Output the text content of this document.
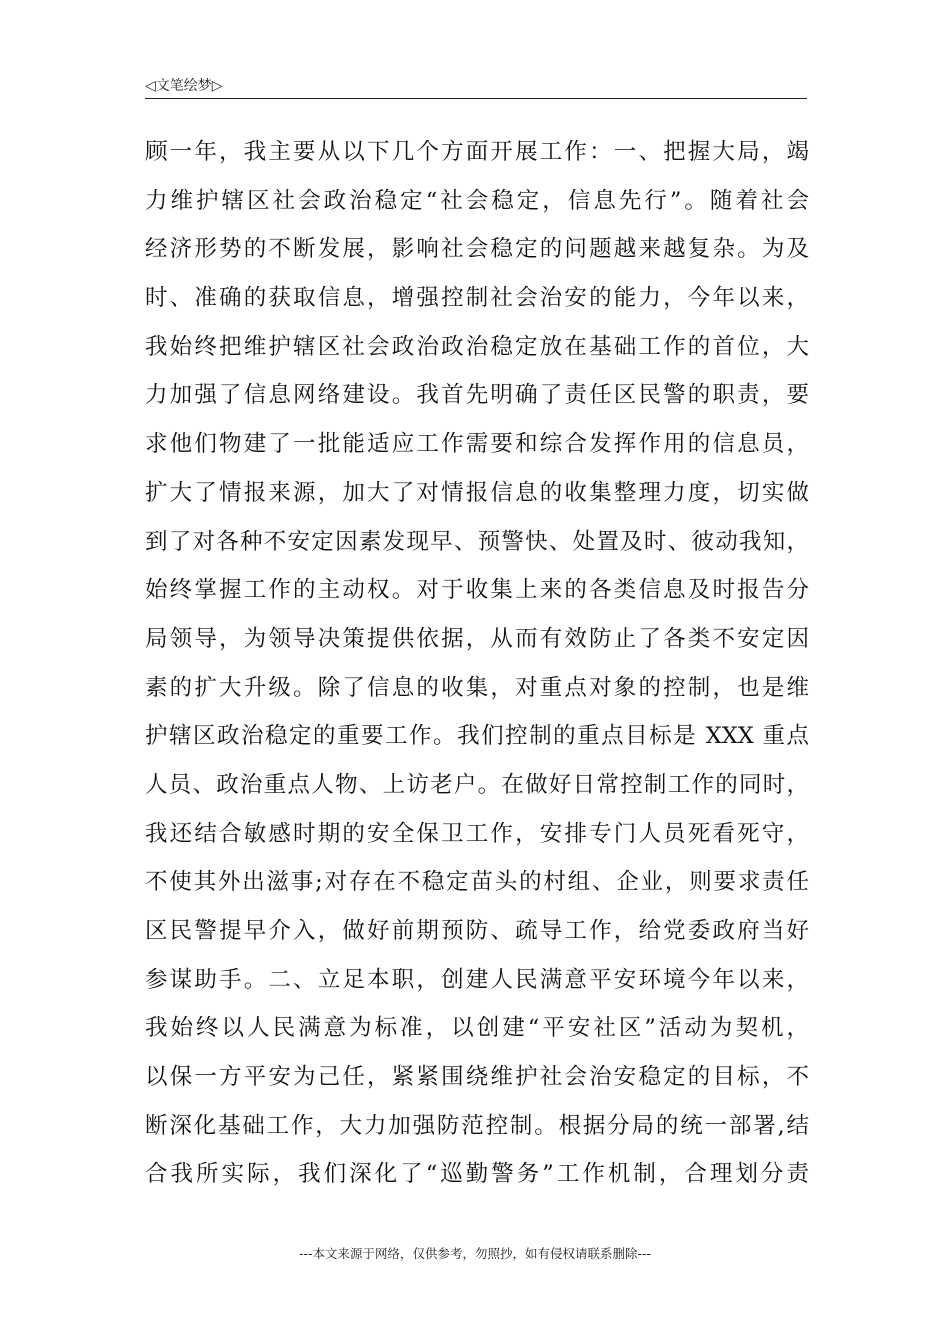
◁文笔绘梦▷
顾一年，我主要从以下几个方面开展工作：一、把握大局，竭
力维护辖区社会政治稳定“社会稳定，信息先行”。随着社会
经济形势的不断发展，影响社会稳定的问题越来越复杂。为及
时、准确的获取信息，增强控制社会治安的能力，今年以来，
我始终把维护辖区社会政治政治稳定放在基础工作的首位，大
力加强了信息网络建设。我首先明确了责任区民警的职责，要
求他们物建了一批能适应工作需要和综合发挥作用的信息员，
扩大了情报来源，加大了对情报信息的收集整理力度，切实做
到了对各种不安定因素发现早、预警快、处置及时、彼动我知，
始终掌握工作的主动权。对于收集上来的各类信息及时报告分
局领导，为领导决策提供依据，从而有效防止了各类不安定因
素的扩大升级。除了信息的收集，对重点对象的控制，也是维
护辖区政治稳定的重要工作。我们控制的重点目标是 XXX 重点
人员、政治重点人物、上访老户。在做好日常控制工作的同时，
我还结合敏感时期的安全保卫工作，安排专门人员死看死守，
不使其外出滋事;对存在不稳定苗头的村组、企业，则要求责任
区民警提早介入，做好前期预防、疏导工作，给党委政府当好
参谋助手。二、立足本职，创建人民满意平安环境今年以来，
我始终以人民满意为标准，以创建“平安社区”活动为契机，
以保一方平安为己任，紧紧围绕维护社会治安稳定的目标，不
断深化基础工作，大力加强防范控制。根据分局的统一部署,结
合我所实际，我们深化了“巡勤警务”工作机制，合理划分责
---本文来源于网络，仅供参考，勿照抄，如有侵权请联系删除---
